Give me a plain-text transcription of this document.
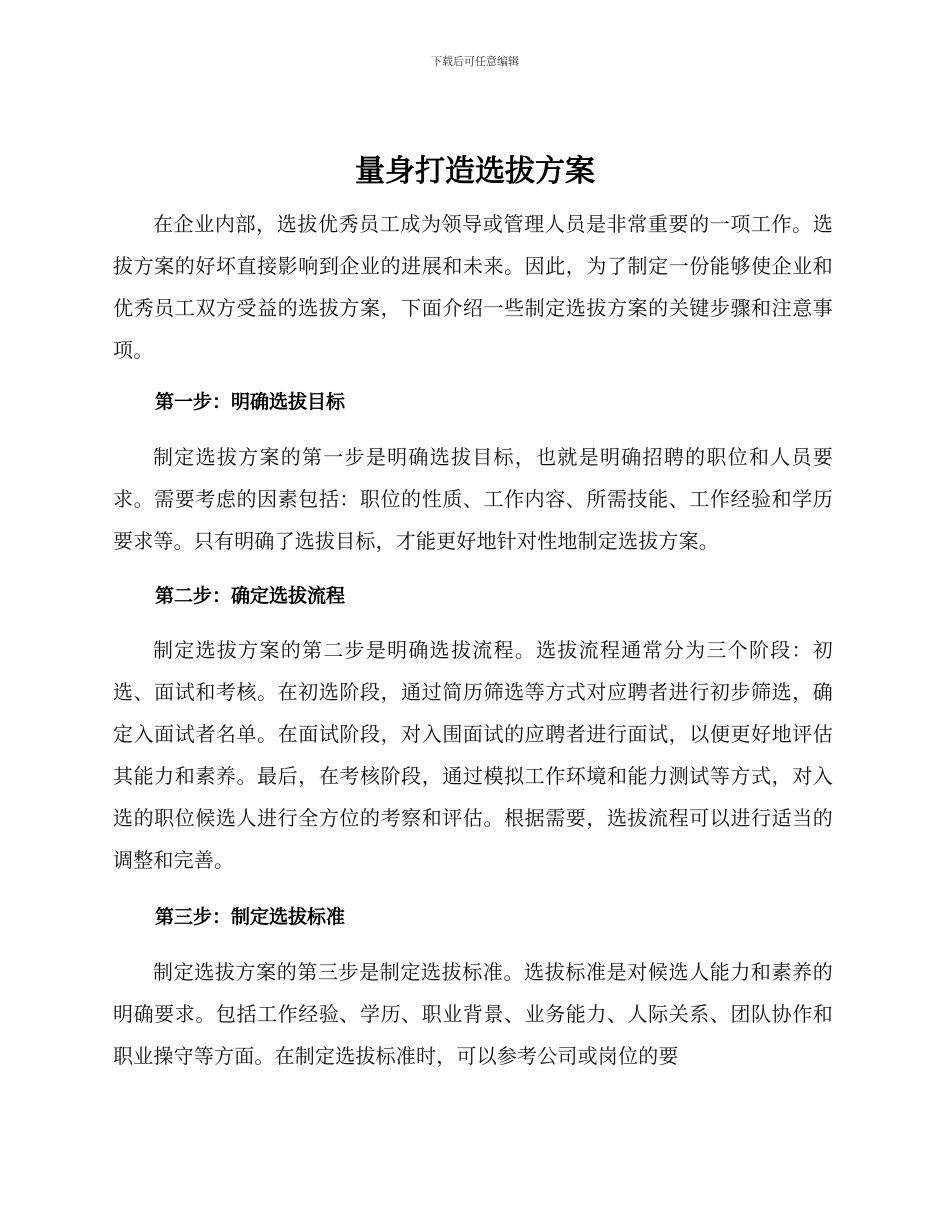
下载后可任意编辑
量身打造选拔方案

在企业内部，选拔优秀员工成为领导或管理人员是非常重要的一项工作。选拔方案的好坏直接影响到企业的进展和未来。因此，为了制定一份能够使企业和优秀员工双方受益的选拔方案，下面介绍一些制定选拔方案的关键步骤和注意事项。

第一步：明确选拔目标

制定选拔方案的第一步是明确选拔目标，也就是明确招聘的职位和人员要求。需要考虑的因素包括：职位的性质、工作内容、所需技能、工作经验和学历要求等。只有明确了选拔目标，才能更好地针对性地制定选拔方案。

第二步：确定选拔流程

制定选拔方案的第二步是明确选拔流程。选拔流程通常分为三个阶段：初选、面试和考核。在初选阶段，通过简历筛选等方式对应聘者进行初步筛选，确定入面试者名单。在面试阶段，对入围面试的应聘者进行面试，以便更好地评估其能力和素养。最后，在考核阶段，通过模拟工作环境和能力测试等方式，对入选的职位候选人进行全方位的考察和评估。根据需要，选拔流程可以进行适当的调整和完善。

第三步：制定选拔标准

制定选拔方案的第三步是制定选拔标准。选拔标准是对候选人能力和素养的明确要求。包括工作经验、学历、职业背景、业务能力、人际关系、团队协作和职业操守等方面。在制定选拔标准时，可以参考公司或岗位的要
